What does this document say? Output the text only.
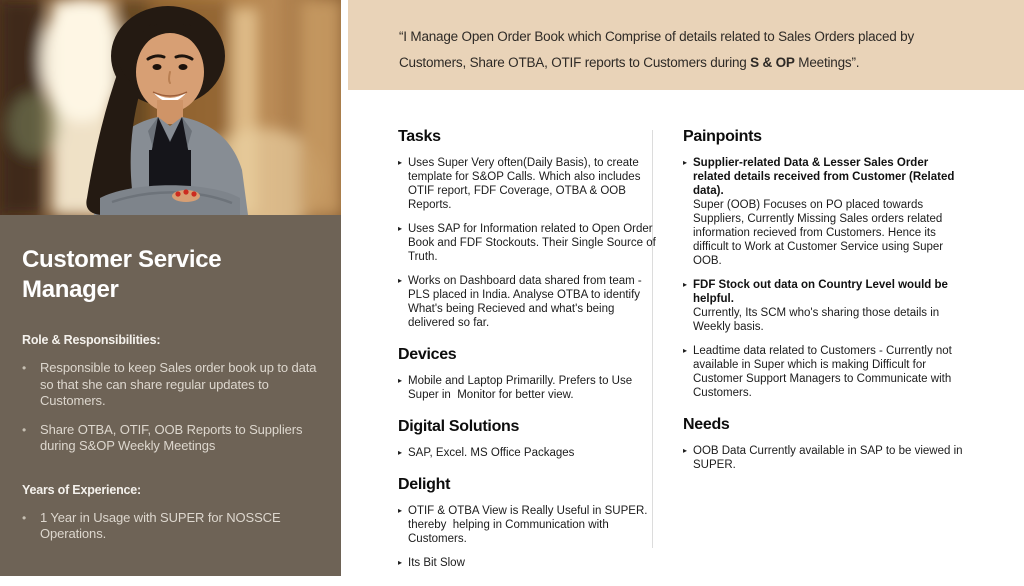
Customer Service Manager
Role & Responsibilities:
•	Responsible to keep Sales order book up to data so that she can share regular updates to Customers.
•	Share OTBA, OTIF, OOB Reports to Suppliers during S&OP Weekly Meetings
Years of Experience:
•	1 Year in Usage with SUPER for NOSSCE Operations.
“I Manage Open Order Book which Comprise of details related to Sales Orders placed by Customers, Share OTBA, OTIF reports to Customers during S & OP Meetings”.
Tasks
▸ Uses Super Very often(Daily Basis), to create template for S&OP Calls. Which also includes OTIF report, FDF Coverage, OTBA & OOB Reports.
▸ Uses SAP for Information related to Open Order Book and FDF Stockouts. Their Single Source of Truth.
▸ Works on Dashboard data shared from team - PLS placed in India. Analyse OTBA to identify What's being Recieved and what's being delivered so far.
Devices
▸ Mobile and Laptop Primarilly. Prefers to Use Super in  Monitor for better view.
Digital Solutions
▸ SAP, Excel. MS Office Packages
Delight
▸ OTIF & OTBA View is Really Useful in SUPER. thereby  helping in Communication with Customers.
▸ Its Bit Slow
Painpoints
▸ Supplier-related Data & Lesser Sales Order related details received from Customer (Related data).
Super (OOB) Focuses on PO placed towards Suppliers, Currently Missing Sales orders related information recieved from Customers. Hence its difficult to Work at Customer Service using Super OOB.
▸ FDF Stock out data on Country Level would be helpful.
Currently, Its SCM who's sharing those details in Weekly basis.
▸ Leadtime data related to Customers - Currently not available in Super which is making Difficult for Customer Support Managers to Communicate with Customers.
Needs
▸ OOB Data Currently available in SAP to be viewed in SUPER.
